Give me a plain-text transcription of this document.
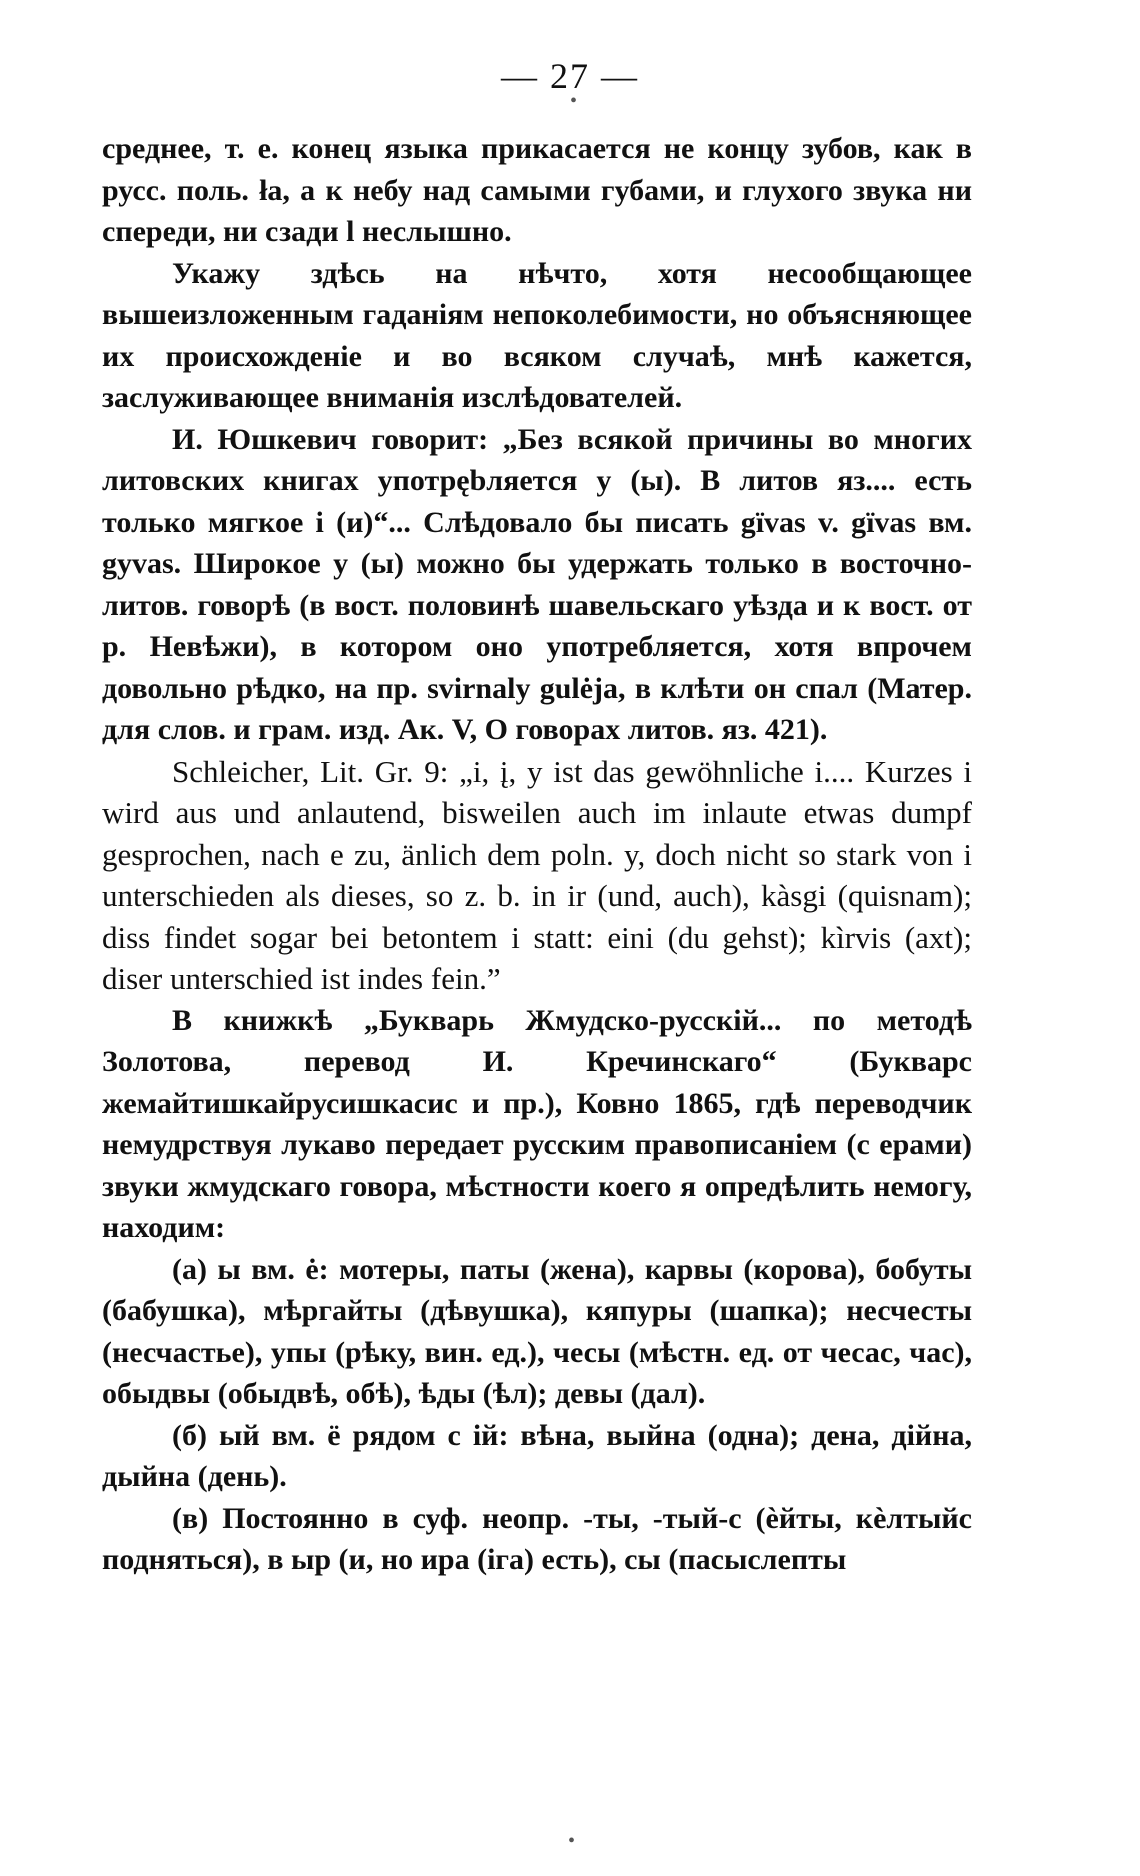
— 27 —

среднее, т. е. конец языка прикасается не концу зубов, как в русс. поль. ła, а к небу над самыми губами, и глухого звука ни спереди, ни сзади l неслышно.

Укажу здѣсь на нѣчто, хотя несообщающее вышеизложенным гаданіям непоколебимости, но объясняющее их происхожденіе и во всяком случаѣ, мнѣ кажется, заслуживающее вниманія изслѣдователей.

И. Юшкевич говорит: „Без всякой причины во многих литовских книгах употрębляется у (ы). В литов яз.... есть только мягкое і (и)“... Слѣдовало бы писать gïvas v. gïvas вм. gyvas. Широкое у (ы) можно бы удержать только в восточно-литов. говорѣ (в вост. половинѣ шавельскаго уѣзда и к вост. от р. Невѣжи), в котором оно употребляется, хотя впрочем довольно рѣдко, на пр. svirnaly gulėja, в клѣти он спал (Матер. для слов. и грам. изд. Ак. V, О говорах литов. яз. 421).

Schleicher, Lit. Gr. 9: „i, į, y ist das gewöhnliche i.... Kurzes i wird aus und anlautend, bisweilen auch im inlaute etwas dumpf gesprochen, nach e zu, änlich dem poln. y, doch nicht so stark von i unterschieden als dieses, so z. b. in ir (und, auch), kàsgi (quisnam); diss findet sogar bei betontem i statt: eini (du gehst); kìrvis (axt); diser unterschied ist indes fein.”

В книжкѣ „Букварь Жмудско-русскій... по методѣ Золотова, перевод И. Кречинскаго“ (Букварс жемайтишкайрусишкасис и пр.), Ковно 1865, гдѣ переводчик немудрствуя лукаво передает русским правописаніем (с ерами) звуки жмудскаго говора, мѣстности коего я опредѣлить немогу, находим:

(а) ы вм. ė: мотеры, паты (жена), карвы (корова), бобуты (бабушка), мѣргайты (дѣвушка), кяпуры (шапка); несчесты (несчастье), упы (рѣку, вин. ед.), чесы (мѣстн. ед. от чесас, час), обыдвы (обыдвѣ, обѣ), ѣды (ѣл); девы (дал).

(б) ый вм. ё рядом с ій: вѣна, выйна (одна); дена, дійна, дыйна (день).

(в) Постоянно в суф. неопр. -ты, -тый-с (ѐйты, кѐлтыйс подняться), в ыр (и, но ира (іга) есть), сы (пасыслепты

•
•
